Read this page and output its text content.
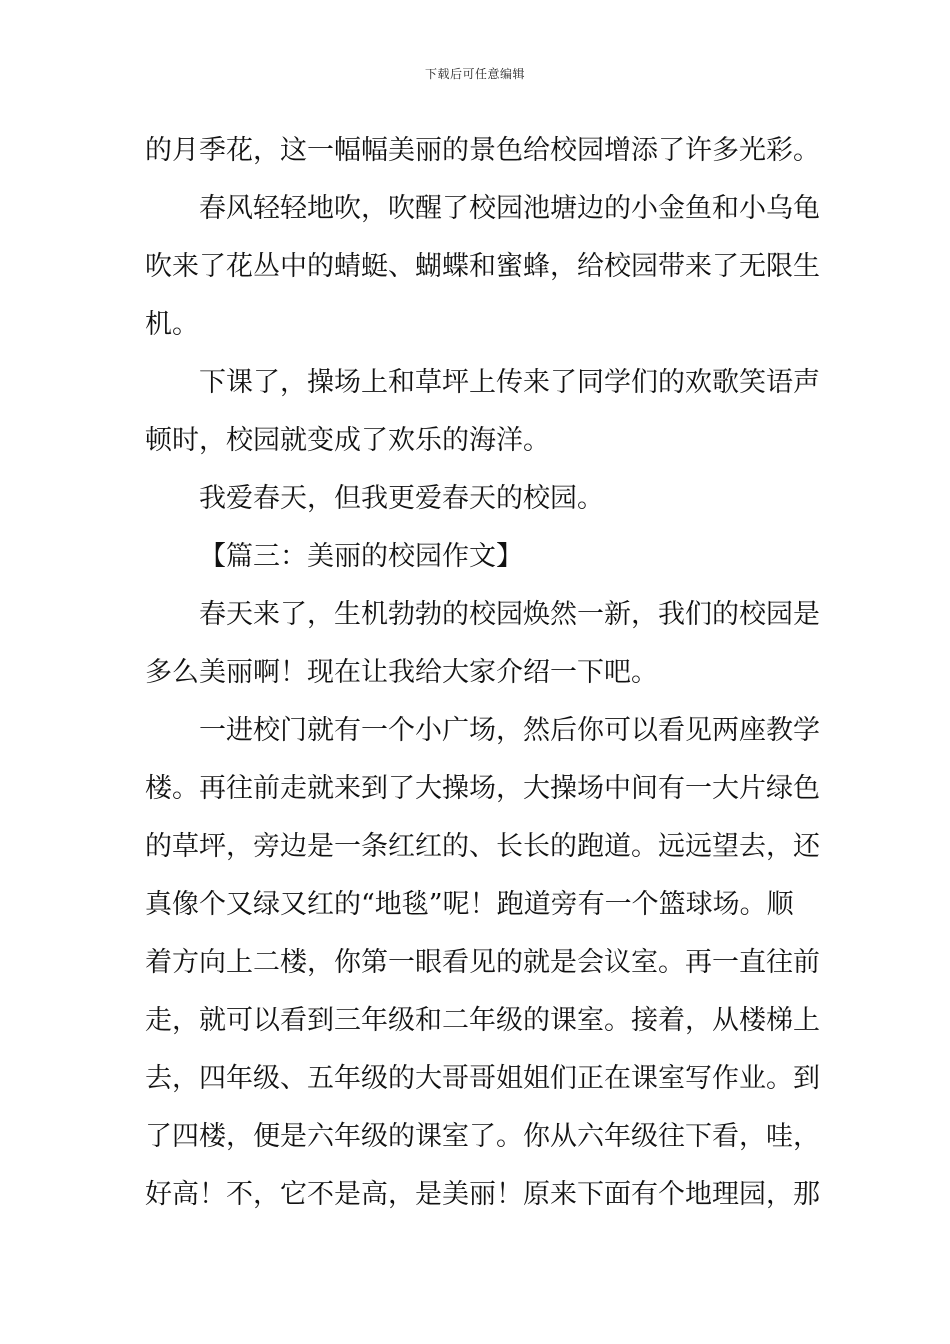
下载后可任意编辑
的月季花，这一幅幅美丽的景色给校园增添了许多光彩。
春风轻轻地吹，吹醒了校园池塘边的小金鱼和小乌龟
吹来了花丛中的蜻蜓、蝴蝶和蜜蜂，给校园带来了无限生
机。
下课了，操场上和草坪上传来了同学们的欢歌笑语声
顿时，校园就变成了欢乐的海洋。
我爱春天，但我更爱春天的校园。
【篇三：美丽的校园作文】
春天来了，生机勃勃的校园焕然一新，我们的校园是
多么美丽啊！现在让我给大家介绍一下吧。
一进校门就有一个小广场，然后你可以看见两座教学
楼。再往前走就来到了大操场，大操场中间有一大片绿色
的草坪，旁边是一条红红的、长长的跑道。远远望去，还
真像个又绿又红的“地毯”呢！跑道旁有一个篮球场。顺
着方向上二楼，你第一眼看见的就是会议室。再一直往前
走，就可以看到三年级和二年级的课室。接着，从楼梯上
去，四年级、五年级的大哥哥姐姐们正在课室写作业。到
了四楼，便是六年级的课室了。你从六年级往下看，哇，
好高！不，它不是高，是美丽！原来下面有个地理园，那
